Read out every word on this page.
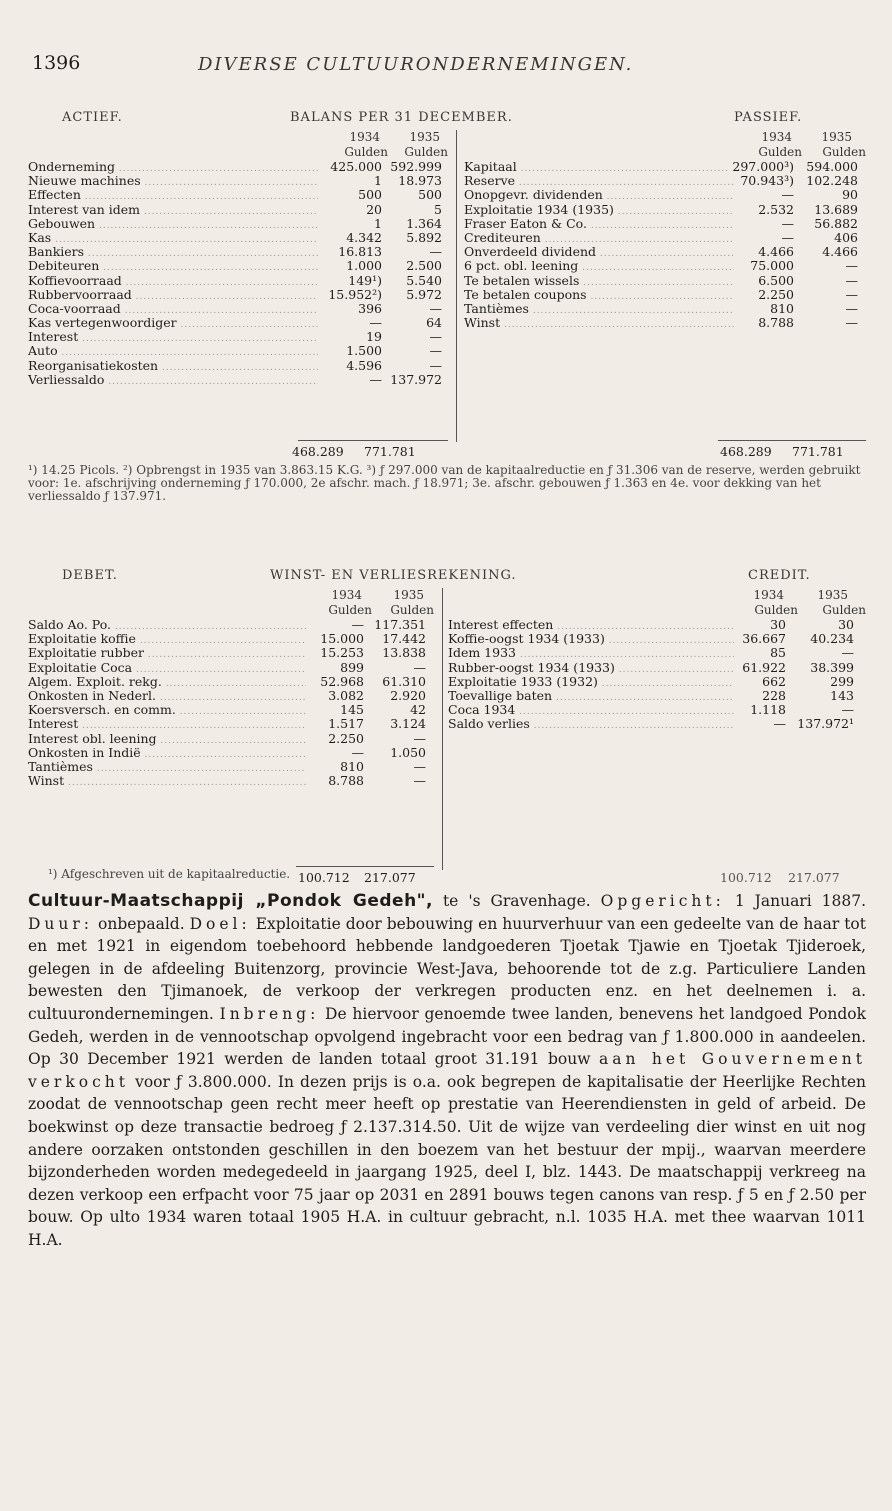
1396	DIVERSE CULTUURONDERNEMINGEN.
ACTIEF.	BALANS PER 31 DECEMBER.	PASSIEF.
1934 1935
Gulden Gulden
Onderneming .....	425.000 592.999
Nieuwe machines .....	1 18.973
Effecten .....	500	500
Interest van idem .....	20	5
Gebouwen .....	1 1.364
Kas .....	4.342 5.892
Bankiers .....	16.813	—
Debiteuren .....	1.000 2.500
Koffievoorraad .....	149¹) 5.540
Rubbervoorraad .....	15.952²) 5.972
Coca-voorraad .....	396	—
Kas vertegenwoordiger .....	—	64
Interest .....	19	—
Auto .....	1.500	—
Reorganisatiekosten .....	4.596	—
Verliessaldo .....	— 137.972
1934 1935
Gulden Gulden
Kapitaal .....	297.000³) 594.000
Reserve .....	70.943³) 102.248
Onopgevr. dividenden .....	—	90
Exploitatie 1934 (1935) .....	2.532 13.689
Fraser Eaton & Co. .....	— 56.882
Crediteuren .....	—	406
Onverdeeld dividend .....	4.466 4.466
6 pct. obl. leening .....	75.000	—
Te betalen wissels .....	6.500	—
Te betalen coupons .....	2.250	—
Tantièmes .....	810	—
Winst .....	8.788	—
468.289 771.781	468.289 771.781
¹) 14.25 Picols. ²) Opbrengst in 1935 van 3.863.15 K.G. ³) ƒ 297.000 van de kapitaalreductie en ƒ 31.306 van de reserve, werden gebruikt voor: 1e. afschrijving onderneming ƒ 170.000, 2e afschr. mach. ƒ 18.971; 3e. afschr. gebouwen ƒ 1.363 en 4e. voor dekking van het verliessaldo ƒ 137.971.
DEBET.	WINST- EN VERLIESREKENING.	CREDIT.
1934	1935
Gulden Gulden
Saldo Ao. Po. .....	— 117.351
Exploitatie koffie .....	15.000 17.442
Exploitatie rubber .....	15.253 13.838
Exploitatie Coca .....	899	—
Algem. Exploit. rekg. .....	52.968 61.310
Onkosten in Nederl. .....	3.082 2.920
Koersversch. en comm. .....	145	42
Interest .....	1.517 3.124
Interest obl. leening .....	2.250	—
Onkosten in Indië .....	— 1.050
Tantièmes .....	810	—
Winst .....	8.788	—
1934	1935
Gulden Gulden
Interest effecten .....	30	30
Koffie-oogst 1934 (1933) .....	36.667 40.234
Idem 1933 .....	85	—
Rubber-oogst 1934 (1933) .....	61.922 38.399
Exploitatie 1933 (1932) .....	662	299
Toevallige baten .....	228	143
Coca 1934 .....	1.118	—
Saldo verlies .....	— 137.972¹
100.712 217.077	100.712 217.077
¹) Afgeschreven uit de kapitaalreductie.
Cultuur-Maatschappij „Pondok Gedeh", te 's Gravenhage. Opgericht: 1 Januari 1887. Duur: onbepaald. Doel: Exploitatie door bebouwing en huurverhuur van een gedeelte van de haar tot en met 1921 in eigendom toebehoord hebbende landgoederen Tjoetak Tjawie en Tjoetak Tjideroek, gelegen in de afdeeling Buitenzorg, provincie West-Java, behoorende tot de z.g. Particuliere Landen bewesten den Tjimanoek, de verkoop der verkregen producten enz. en het deelnemen i. a. cultuurondernemingen. Inbreng: De hiervoor genoemde twee landen, benevens het landgoed Pondok Gedeh, werden in de vennootschap opvolgend ingebracht voor een bedrag van ƒ 1.800.000 in aandeelen. Op 30 December 1921 werden de landen totaal groot 31.191 bouw aan het Gouvernement verkocht voor ƒ 3.800.000. In dezen prijs is o.a. ook begrepen de kapitalisatie der Heerlijke Rechten zoodat de vennootschap geen recht meer heeft op prestatie van Heerendiensten in geld of arbeid. De boekwinst op deze transactie bedroeg ƒ 2.137.314.50. Uit de wijze van verdeeling dier winst en uit nog andere oorzaken ontstonden geschillen in den boezem van het bestuur der mpij., waarvan meerdere bijzonderheden worden medegedeeld in jaargang 1925, deel I, blz. 1443. De maatschappij verkreeg na dezen verkoop een erfpacht voor 75 jaar op 2031 en 2891 bouws tegen canons van resp. ƒ 5 en ƒ 2.50 per bouw. Op ulto 1934 waren totaal 1905 H.A. in cultuur gebracht, n.l. 1035 H.A. met thee waarvan 1011 H.A.
